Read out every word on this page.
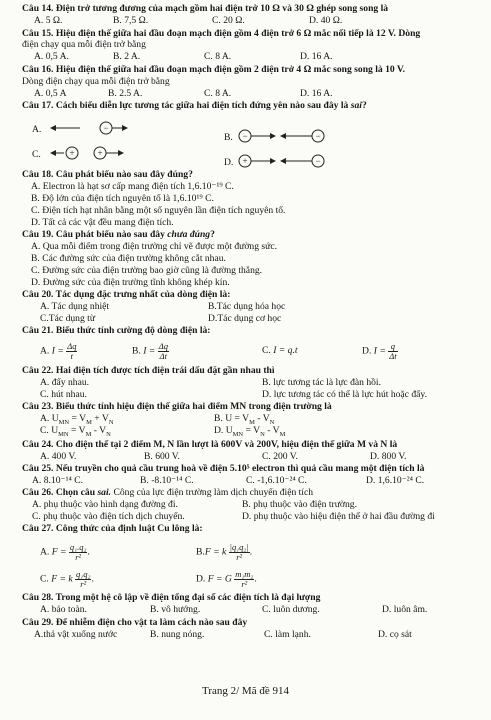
Câu 14. Điện trở tương đương của mạch gồm hai điện trở 10 Ω và 30 Ω ghép song song là
A. 5 Ω.	B. 7,5 Ω.	C. 20 Ω.	D. 40 Ω.
Câu 15. Hiệu điện thế giữa hai đầu đoạn mạch điện gồm 4 điện trở 6 Ω mắc nối tiếp là 12 V. Dòng
điện chạy qua mỗi điện trở bằng
A. 0,5 A.	B. 2 A.	C. 8 A.	D. 16 A.
Câu 16. Hiệu điện thế giữa hai đầu đoạn mạch điện gồm 2 điện trở 4 Ω mắc song song là 10 V.
Dòng điện chạy qua mỗi điện trở bằng
A. 0,5 A	B. 2.5 A.	C. 8 A.	D. 16 A.
Câu 17. Cách biểu diễn lực tương tác giữa hai điện tích đứng yên nào sau đây là sai?
A.	−
B. −	−
C.	+	+
D. +	−
Câu 18. Câu phát biểu nào sau đây đúng?
A. Electron là hạt sơ cấp mang điện tích 1,6.10⁻¹⁹ C.
B. Độ lớn của điện tích nguyên tố là 1,6.10¹⁹ C.
C. Điện tích hạt nhân bằng một số nguyên lần điện tích nguyên tố.
D. Tất cả các vật đều mang điện tích.
Câu 19. Câu phát biểu nào sau đây chưa đúng?
A. Qua mỗi điểm trong điện trường chỉ vẽ được một đường sức.
B. Các đường sức của điện trường không cắt nhau.
C. Đường sức của điện trường bao giờ cũng là đường thẳng.
D. Đường sức của điện trường tĩnh không khép kín.
Câu 20. Tác dụng đặc trưng nhất của dòng điện là:
A. Tác dụng nhiệt	B.Tác dụng hóa học
C.Tác dụng từ	D.Tác dụng cơ học
Câu 21. Biểu thức tính cường độ dòng điện là:
A. $I = \frac{\Delta q}{t}$	B. $I = \frac{\Delta q}{\Delta t}$	C. I = q.t	D. $I = \frac{q}{\Delta t}$
Câu 22. Hai điện tích được tích điện trái dấu đặt gần nhau thì
A. đẩy nhau.	B. lực tương tác là lực đàn hồi.
C. hút nhau.	D. lực tương tác có thể là lực hút hoặc đẩy.
Câu 23. Biểu thức tính hiệu điện thế giữa hai điểm MN trong điện trường là
A. $U_{MN} = V_M + V_N$	B. $U = V_M - V_N$
C. $U_{MN} = V_M - V_N$	D. $U_{MN} = V_N - V_M$
Câu 24. Cho điện thế tại 2 điểm M, N lần lượt là 600V và 200V, hiệu điện thế giữa M và N là
A. 400 V.	B. 600 V.	C. 200 V.	D. 800 V.
Câu 25. Nếu truyền cho quả cầu trung hoà về điện 5.10⁵ electron thì quả cầu mang một điện tích là
A. 8.10⁻¹⁴ C.	B. -8.10⁻¹⁴ C.	C. -1,6.10⁻²⁴ C.	D. 1,6.10⁻²⁴ C.
Câu 26. Chọn câu sai. Công của lực điện trường làm dịch chuyển điện tích
A. phụ thuộc vào hình dạng đường đi.	B. phụ thuộc vào điện trường.
C. phụ thuộc vào điện tích dịch chuyển.	D. phụ thuộc vào hiệu điện thế ở hai đầu đường đi
Câu 27. Công thức của định luật Cu lông là:
A. $F = \frac{\text{q₁.q₂}}{\text{r²}}$ .	B.F = k $\frac{\text{|q₁q₂|}}{\text{r²}}$ .
C. F = k $\frac{\text{q₁q₂}}{\text{r²}}$ .	D. F = G $\frac{\text{m₁m₂}}{\text{r²}}$ .
Câu 28. Trong một hệ cô lập về điện tổng đại số các điện tích là đại lượng
A. bảo toàn.	B. vô hướng.	C. luôn dương.	D. luôn âm.
Câu 29. Để nhiễm điện cho vật ta làm cách nào sau đây
A.thả vật xuống nước	B. nung nóng.	C. làm lạnh.	D. cọ sát
Trang 2/ Mã đề 914
